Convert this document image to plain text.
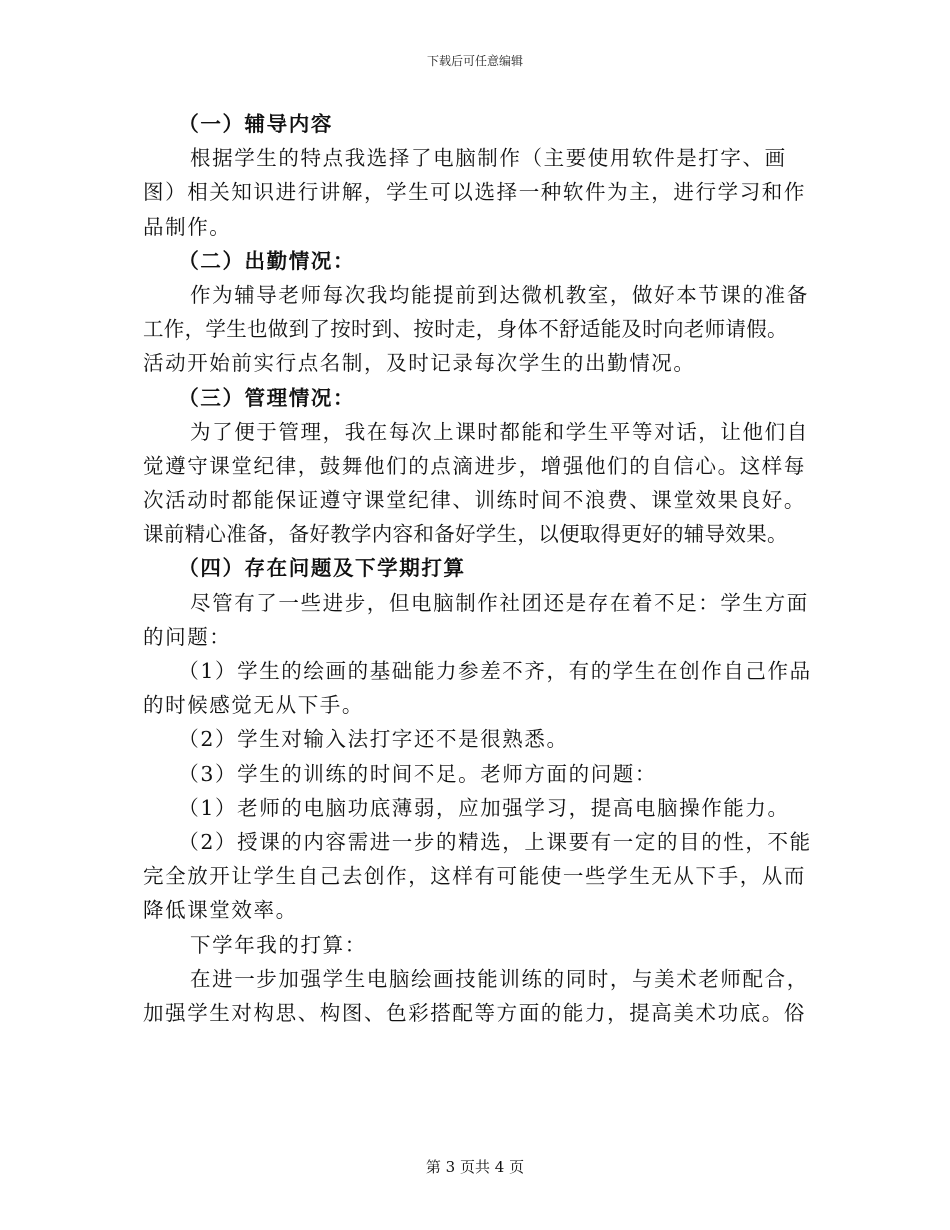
下载后可任意编辑
（一）辅导内容
根据学生的特点我选择了电脑制作（主要使用软件是打字、画
图）相关知识进行讲解，学生可以选择一种软件为主，进行学习和作
品制作。
（二）出勤情况：
作为辅导老师每次我均能提前到达微机教室，做好本节课的准备
工作，学生也做到了按时到、按时走，身体不舒适能及时向老师请假。
活动开始前实行点名制，及时记录每次学生的出勤情况。
（三）管理情况：
为了便于管理，我在每次上课时都能和学生平等对话，让他们自
觉遵守课堂纪律，鼓舞他们的点滴进步，增强他们的自信心。这样每
次活动时都能保证遵守课堂纪律、训练时间不浪费、课堂效果良好。
课前精心准备，备好教学内容和备好学生，以便取得更好的辅导效果。
（四）存在问题及下学期打算
尽管有了一些进步，但电脑制作社团还是存在着不足：学生方面
的问题：
（1）学生的绘画的基础能力参差不齐，有的学生在创作自己作品
的时候感觉无从下手。
（2）学生对输入法打字还不是很熟悉。
（3）学生的训练的时间不足。老师方面的问题：
（1）老师的电脑功底薄弱，应加强学习，提高电脑操作能力。
（2）授课的内容需进一步的精选，上课要有一定的目的性，不能
完全放开让学生自己去创作，这样有可能使一些学生无从下手，从而
降低课堂效率。
下学年我的打算：
在进一步加强学生电脑绘画技能训练的同时，与美术老师配合，
加强学生对构思、构图、色彩搭配等方面的能力，提高美术功底。俗
第 3 页共 4 页
